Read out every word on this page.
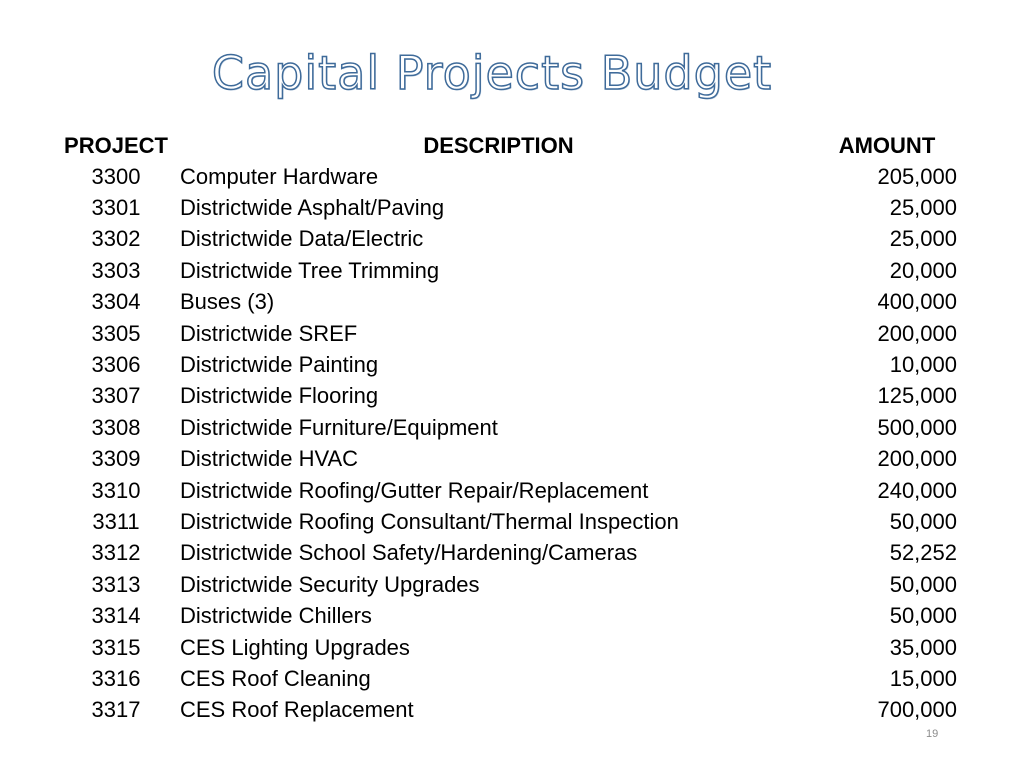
Capital Projects Budget
PROJECT	DESCRIPTION	AMOUNT
3300	Computer Hardware	205,000
3301	Districtwide Asphalt/Paving	25,000
3302	Districtwide Data/Electric	25,000
3303	Districtwide Tree Trimming	20,000
3304	Buses (3)	400,000
3305	Districtwide SREF	200,000
3306	Districtwide Painting	10,000
3307	Districtwide Flooring	125,000
3308	Districtwide Furniture/Equipment	500,000
3309	Districtwide HVAC	200,000
3310	Districtwide Roofing/Gutter Repair/Replacement	240,000
3311	Districtwide Roofing Consultant/Thermal Inspection	50,000
3312	Districtwide School Safety/Hardening/Cameras	52,252
3313	Districtwide Security Upgrades	50,000
3314	Districtwide Chillers	50,000
3315	CES Lighting Upgrades	35,000
3316	CES Roof Cleaning	15,000
3317	CES Roof Replacement	700,000
19
